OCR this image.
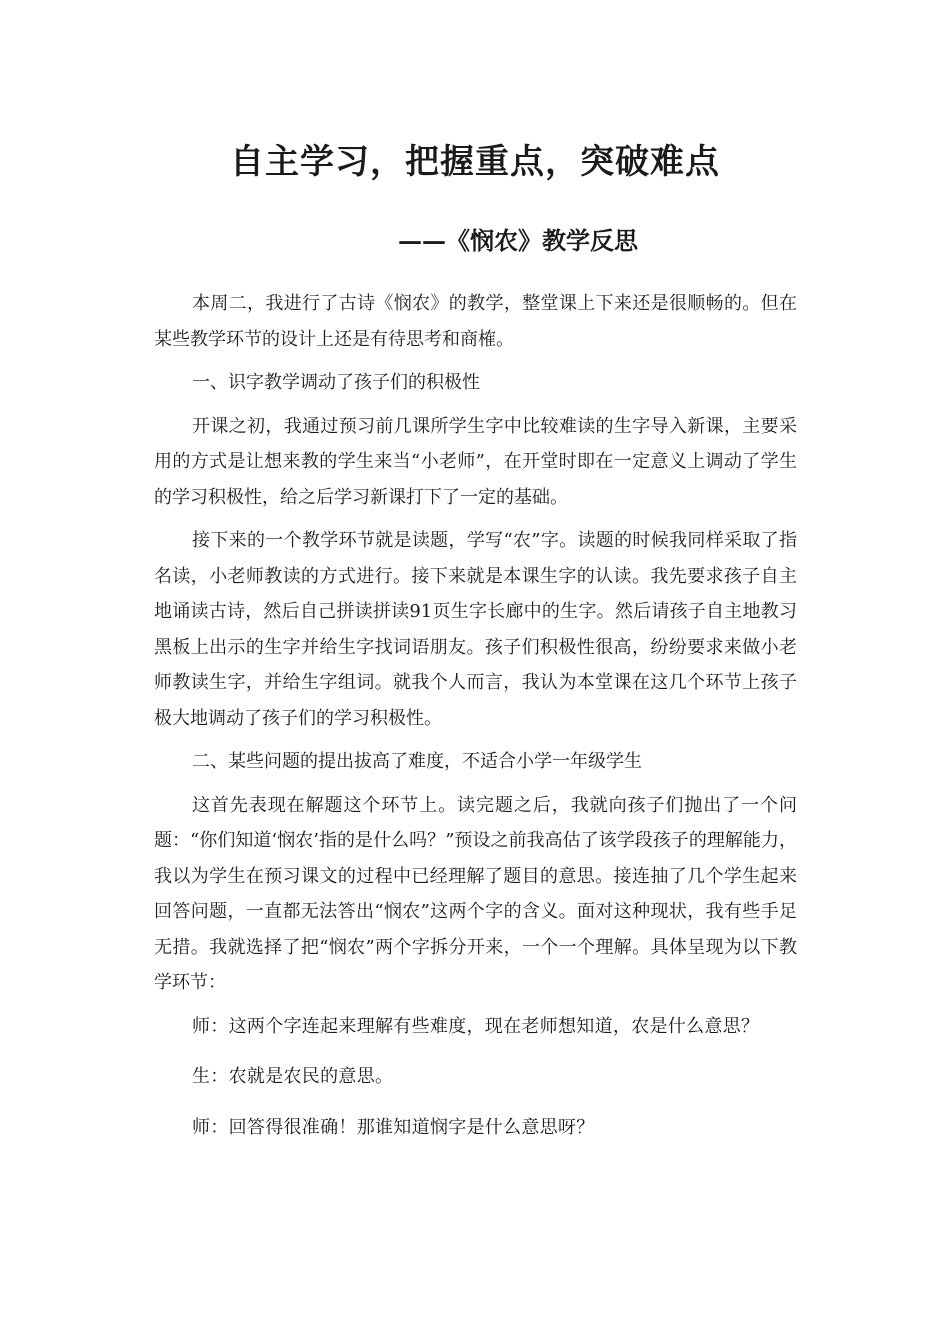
自主学习，把握重点，突破难点
——《悯农》教学反思

本周二，我进行了古诗《悯农》的教学，整堂课上下来还是很顺畅的。但在某些教学环节的设计上还是有待思考和商榷。

一、识字教学调动了孩子们的积极性

开课之初，我通过预习前几课所学生字中比较难读的生字导入新课，主要采用的方式是让想来教的学生来当“小老师”，在开堂时即在一定意义上调动了学生的学习积极性，给之后学习新课打下了一定的基础。

接下来的一个教学环节就是读题，学写“农”字。读题的时候我同样采取了指名读，小老师教读的方式进行。接下来就是本课生字的认读。我先要求孩子自主地诵读古诗，然后自己拼读拼读91页生字长廊中的生字。然后请孩子自主地教习黑板上出示的生字并给生字找词语朋友。孩子们积极性很高，纷纷要求来做小老师教读生字，并给生字组词。就我个人而言，我认为本堂课在这几个环节上孩子极大地调动了孩子们的学习积极性。

二、某些问题的提出拔高了难度，不适合小学一年级学生

这首先表现在解题这个环节上。读完题之后，我就向孩子们抛出了一个问题：“你们知道‘悯农’指的是什么吗？”预设之前我高估了该学段孩子的理解能力，我以为学生在预习课文的过程中已经理解了题目的意思。接连抽了几个学生起来回答问题，一直都无法答出“悯农”这两个字的含义。面对这种现状，我有些手足无措。我就选择了把“悯农”两个字拆分开来，一个一个理解。具体呈现为以下教学环节：

师：这两个字连起来理解有些难度，现在老师想知道，农是什么意思？

生：农就是农民的意思。

师：回答得很准确！那谁知道悯字是什么意思呀？
